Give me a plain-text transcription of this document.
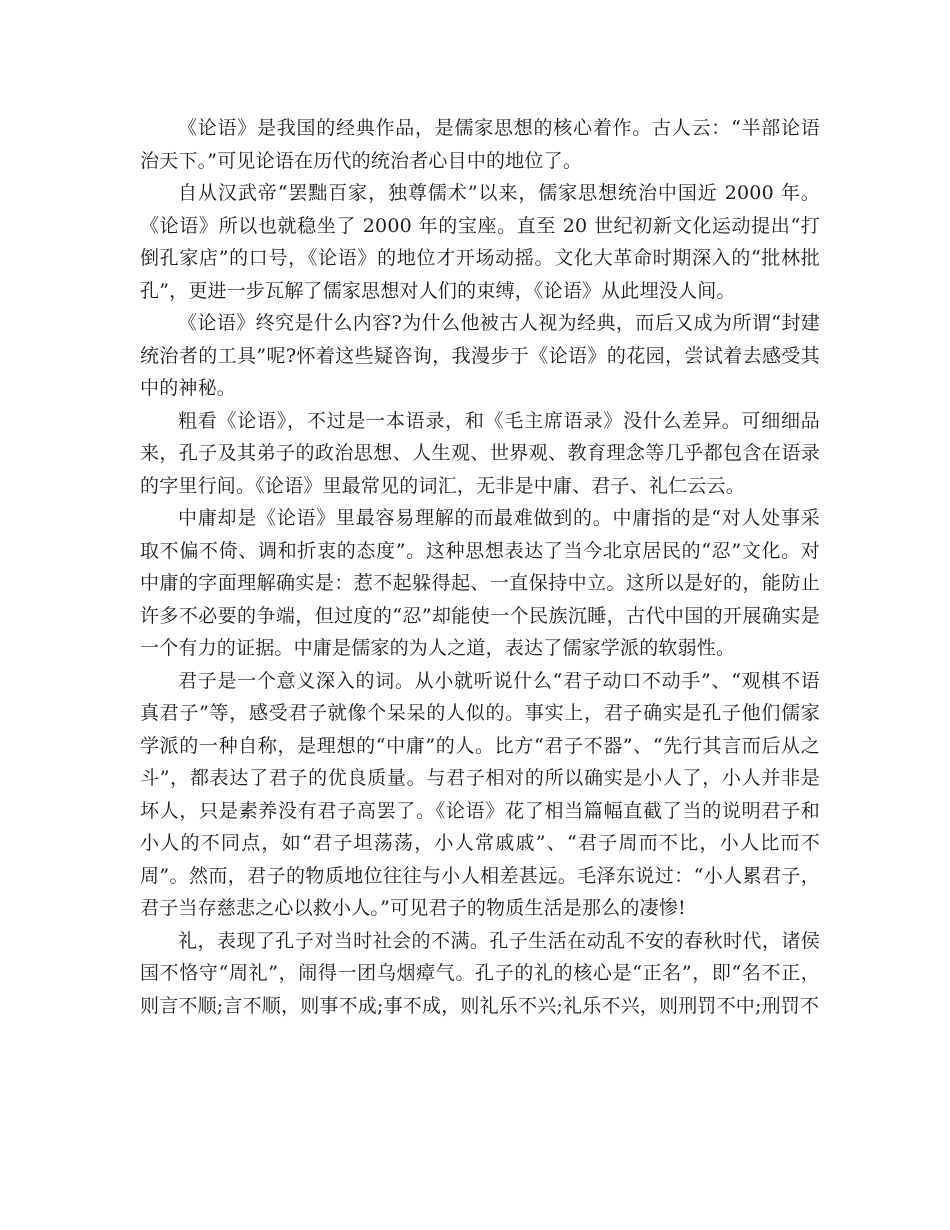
《论语》是我国的经典作品，是儒家思想的核心着作。古人云：“半部论语治天下。”可见论语在历代的统治者心目中的地位了。

自从汉武帝“罢黜百家，独尊儒术”以来，儒家思想统治中国近 2000 年。《论语》所以也就稳坐了 2000 年的宝座。直至 20 世纪初新文化运动提出“打倒孔家店”的口号，《论语》的地位才开场动摇。文化大革命时期深入的“批林批孔”，更进一步瓦解了儒家思想对人们的束缚，《论语》从此埋没人间。

《论语》终究是什么内容?为什么他被古人视为经典，而后又成为所谓“封建统治者的工具”呢?怀着这些疑咨询，我漫步于《论语》的花园，尝试着去感受其中的神秘。

粗看《论语》，不过是一本语录，和《毛主席语录》没什么差异。可细细品来，孔子及其弟子的政治思想、人生观、世界观、教育理念等几乎都包含在语录的字里行间。《论语》里最常见的词汇，无非是中庸、君子、礼仁云云。

中庸却是《论语》里最容易理解的而最难做到的。中庸指的是“对人处事采取不偏不倚、调和折衷的态度”。这种思想表达了当今北京居民的“忍”文化。对中庸的字面理解确实是：惹不起躲得起、一直保持中立。这所以是好的，能防止许多不必要的争端，但过度的“忍”却能使一个民族沉睡，古代中国的开展确实是一个有力的证据。中庸是儒家的为人之道，表达了儒家学派的软弱性。

君子是一个意义深入的词。从小就听说什么“君子动口不动手”、“观棋不语真君子”等，感受君子就像个呆呆的人似的。事实上，君子确实是孔子他们儒家学派的一种自称，是理想的“中庸”的人。比方“君子不器”、“先行其言而后从之斗”，都表达了君子的优良质量。与君子相对的所以确实是小人了，小人并非是坏人，只是素养没有君子高罢了。《论语》花了相当篇幅直截了当的说明君子和小人的不同点，如“君子坦荡荡，小人常戚戚”、“君子周而不比，小人比而不周”。然而，君子的物质地位往往与小人相差甚远。毛泽东说过：“小人累君子，君子当存慈悲之心以救小人。”可见君子的物质生活是那么的凄惨!

礼，表现了孔子对当时社会的不满。孔子生活在动乱不安的春秋时代，诸侯国不恪守“周礼”，闹得一团乌烟瘴气。孔子的礼的核心是“正名”，即“名不正，则言不顺;言不顺，则事不成;事不成，则礼乐不兴;礼乐不兴，则刑罚不中;刑罚不
